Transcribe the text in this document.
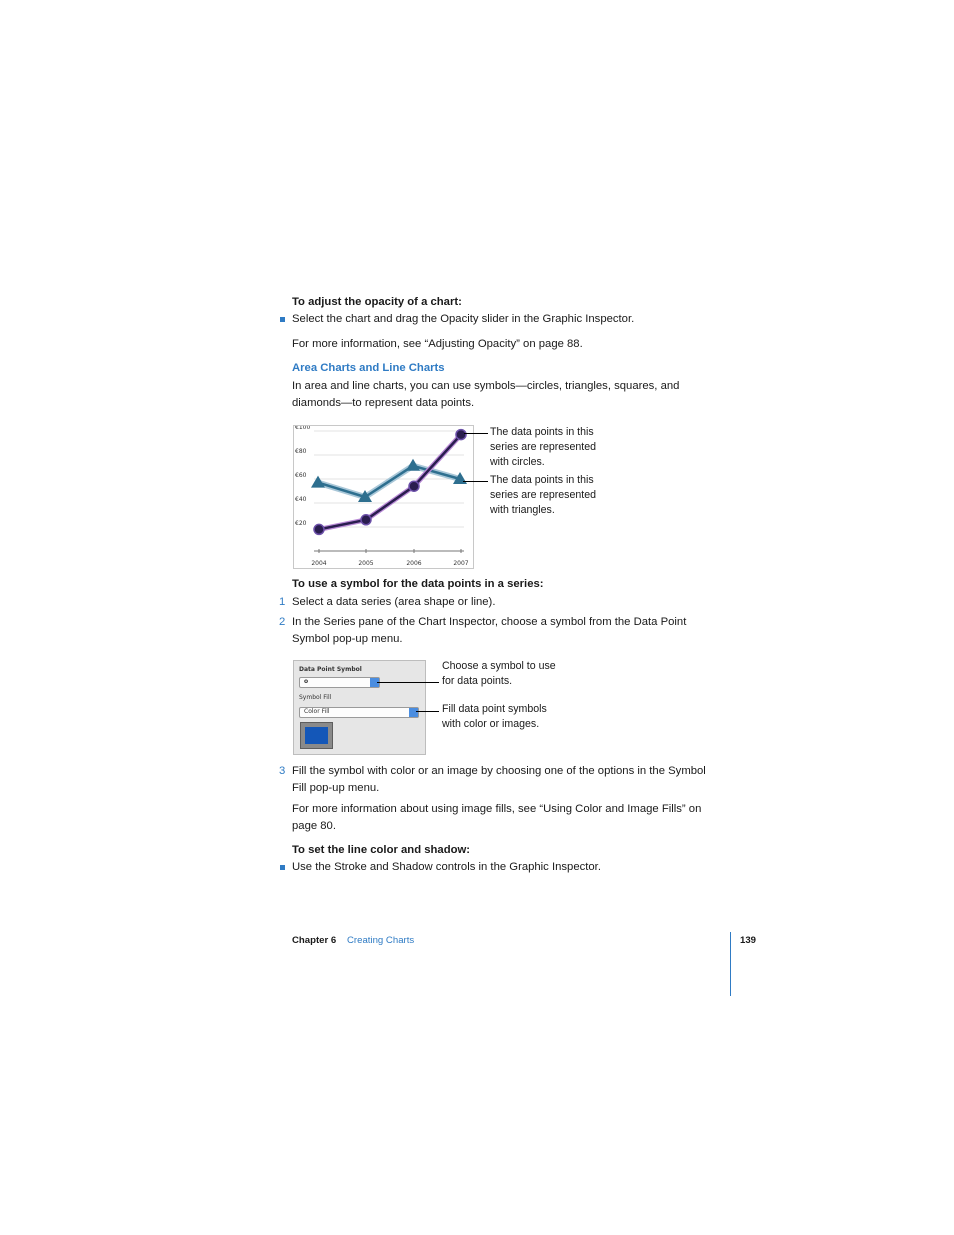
To adjust the opacity of a chart:
Select the chart and drag the Opacity slider in the Graphic Inspector.
For more information, see “Adjusting Opacity” on page 88.
Area Charts and Line Charts
In area and line charts, you can use symbols—circles, triangles, squares, and
diamonds—to represent data points.
€100
€80
€60
€40
€20
2004	2005	2006	2007
The data points in this
series are represented
with circles.
The data points in this
series are represented
with triangles.
To use a symbol for the data points in a series:
1 Select a data series (area shape or line).
2 In the Series pane of the Chart Inspector, choose a symbol from the Data Point
Symbol pop-up menu.
Data Point Symbol
o
Symbol Fill
Color Fill
Choose a symbol to use
for data points.
Fill data point symbols
with color or images.
3 Fill the symbol with color or an image by choosing one of the options in the Symbol
Fill pop-up menu.
For more information about using image fills, see “Using Color and Image Fills” on
page 80.
To set the line color and shadow:
Use the Stroke and Shadow controls in the Graphic Inspector.
Chapter 6 Creating Charts	139
